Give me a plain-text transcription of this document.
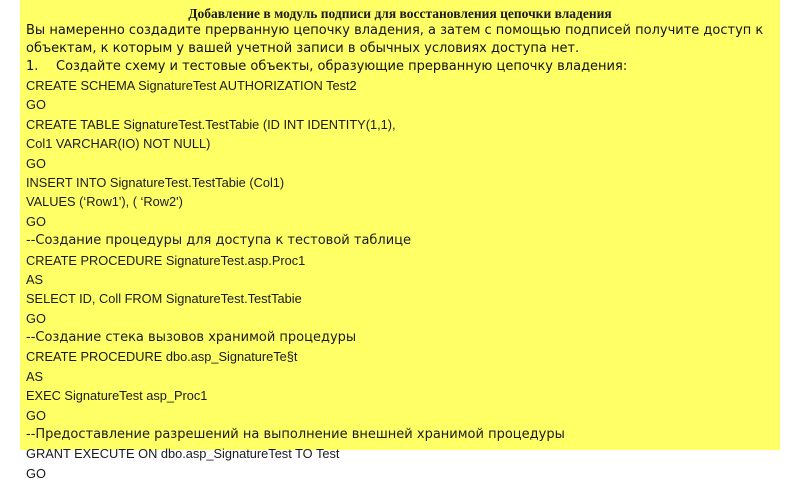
Добавление в модуль подписи для восстановления цепочки владения

Вы намеренно создадите прерванную цепочку владения, а затем с помощью подписей получите доступ к

объектам, к которым у вашей учетной записи в обычных условиях доступа нет.

1. Создайте схему и тестовые объекты, образующие прерванную цепочку владения:
CREATE SCHEMA SignatureTest AUTHORIZATION Test2
GO
CREATE TABLE SignatureTest.TestTabie (ID INT IDENTITY(1,1),
Col1 VARCHAR(IO) NOT NULL)
GO
INSERT INTO SignatureTest.TestTabie (Col1)
VALUES (‘Row1'), ( ‘Row2')
GO
--Создание процедуры для доступа к тестовой таблице
CREATE PROCEDURE SignatureTest.asp.Proc1
AS
SELECT ID, Coll FROM SignatureTest.TestTabie
GO
--Создание стека вызовов хранимой процедуры
CREATE PROCEDURE dbo.asp_SignatureTe§t
AS
EXEC SignatureTest asp_Proc1
GO
--Предоставление разрешений на выполнение внешней хранимой процедуры
GRANT EXECUTE ON dbo.asp_SignatureTest TO Test
GO
